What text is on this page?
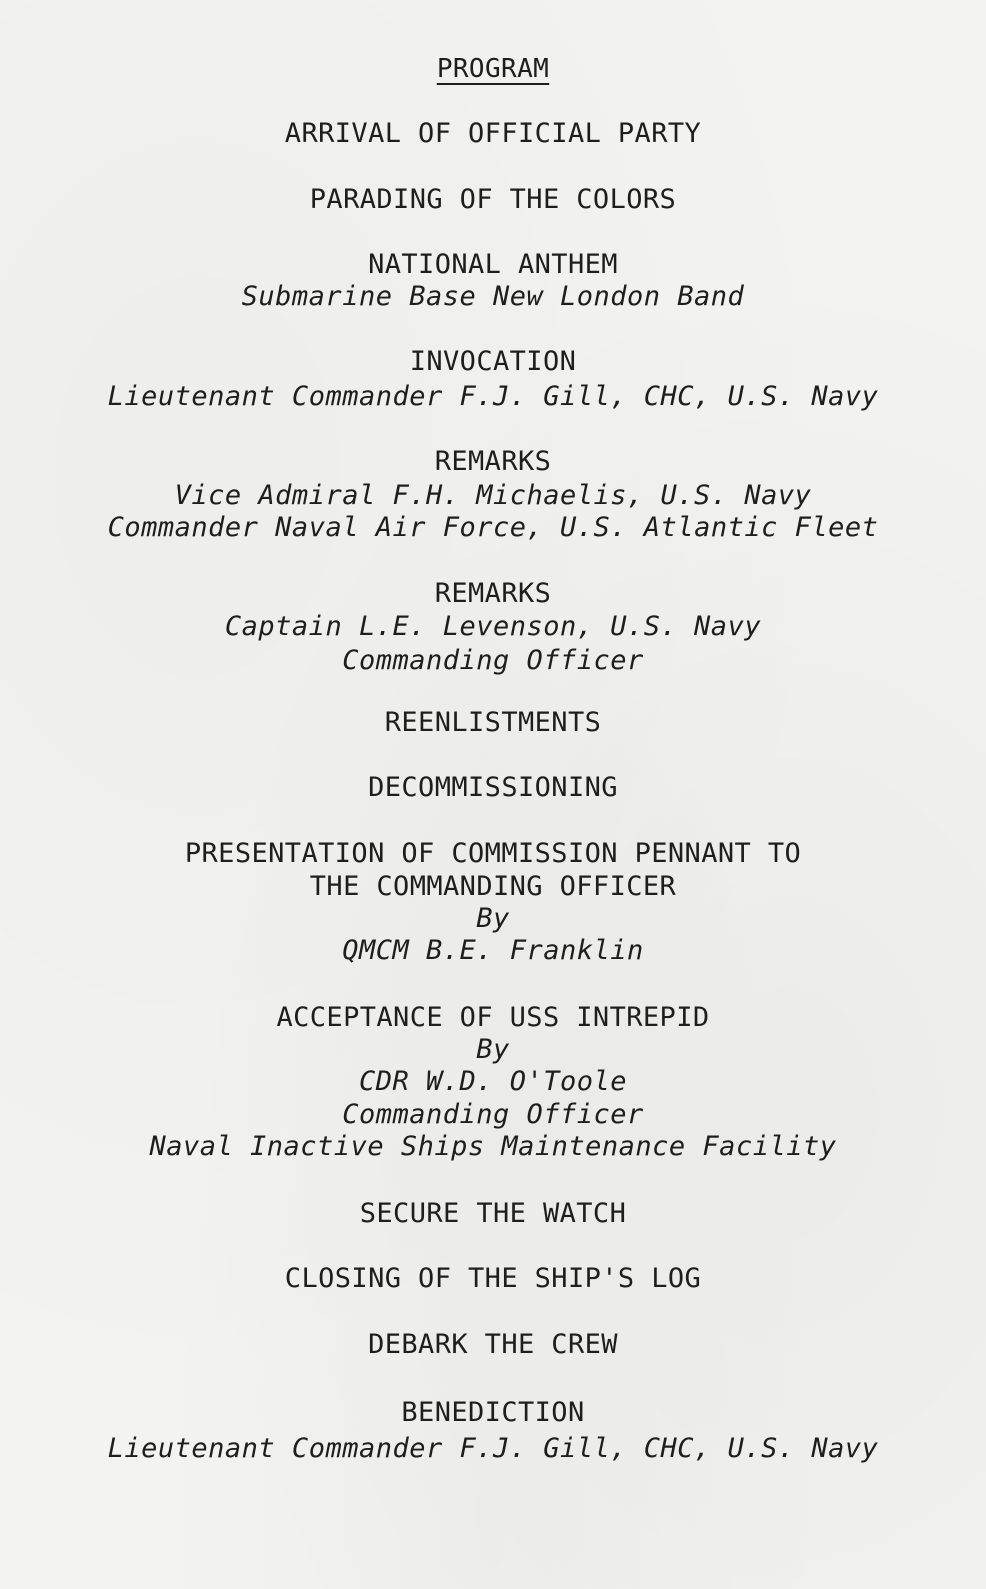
PROGRAM
ARRIVAL OF OFFICIAL PARTY
PARADING OF THE COLORS
NATIONAL ANTHEM
Submarine Base New London Band
INVOCATION
Lieutenant Commander F.J. Gill, CHC, U.S. Navy
REMARKS
Vice Admiral F.H. Michaelis, U.S. Navy
Commander Naval Air Force, U.S. Atlantic Fleet
REMARKS
Captain L.E. Levenson, U.S. Navy
Commanding Officer
REENLISTMENTS
DECOMMISSIONING
PRESENTATION OF COMMISSION PENNANT TO
THE COMMANDING OFFICER
By
QMCM B.E. Franklin
ACCEPTANCE OF USS INTREPID
By
CDR W.D. O'Toole
Commanding Officer
Naval Inactive Ships Maintenance Facility
SECURE THE WATCH
CLOSING OF THE SHIP'S LOG
DEBARK THE CREW
BENEDICTION
Lieutenant Commander F.J. Gill, CHC, U.S. Navy
